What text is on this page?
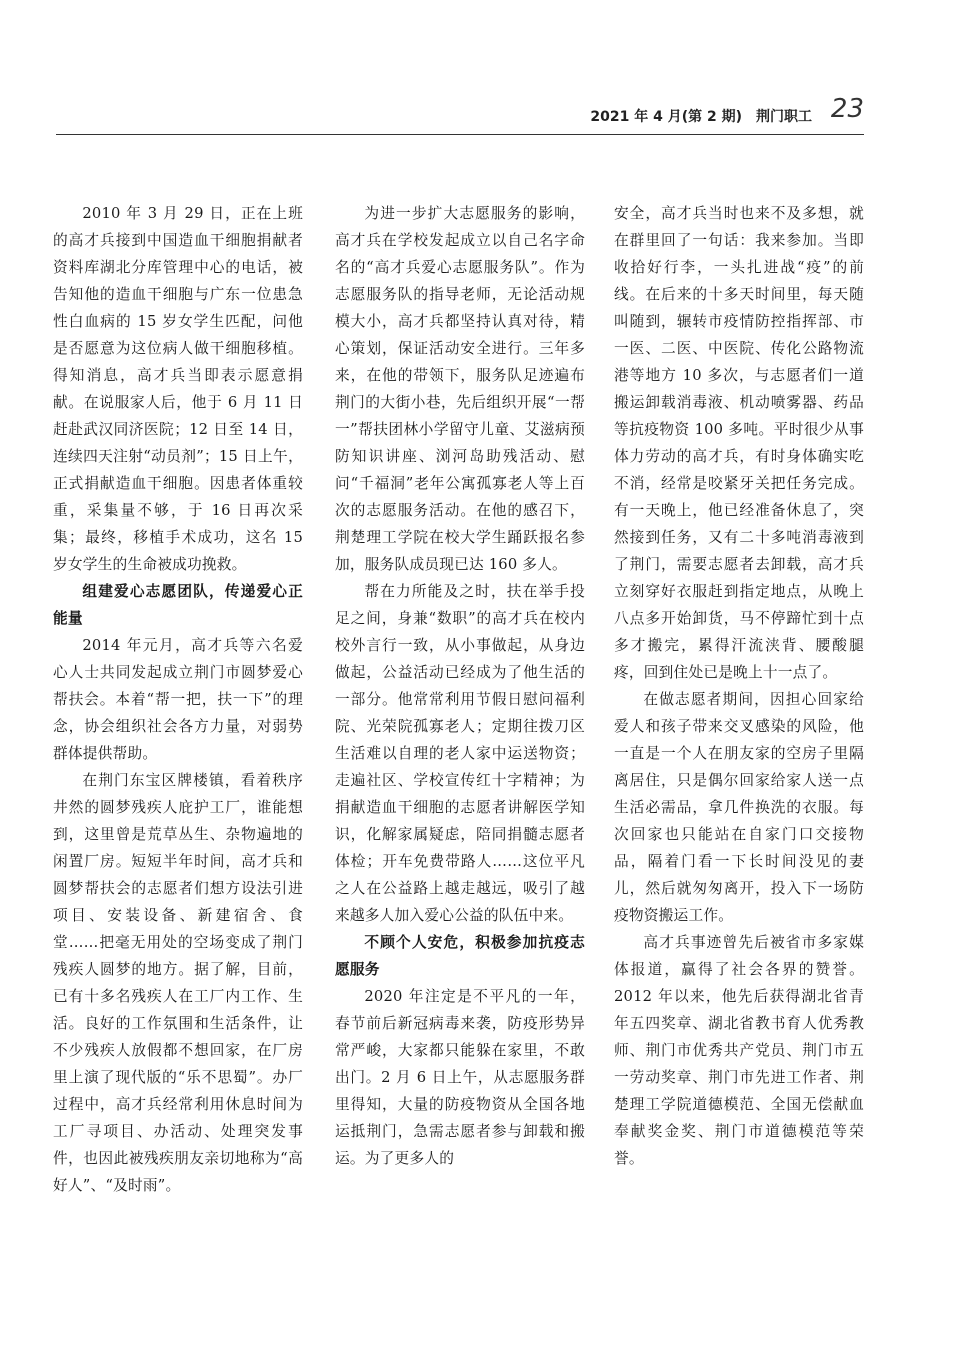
2021 年 4 月(第 2 期)　荆门职工 23

2010 年 3 月 29 日，正在上班的高才兵接到中国造血干细胞捐献者资料库湖北分库管理中心的电话，被告知他的造血干细胞与广东一位患急性白血病的 15 岁女学生匹配，问他是否愿意为这位病人做干细胞移植。得知消息，高才兵当即表示愿意捐献。在说服家人后，他于 6 月 11 日赶赴武汉同济医院；12 日至 14 日，连续四天注射“动员剂”；15 日上午，正式捐献造血干细胞。因患者体重较重，采集量不够，于 16 日再次采集；最终，移植手术成功，这名 15 岁女学生的生命被成功挽救。

组建爱心志愿团队，传递爱心正能量

2014 年元月，高才兵等六名爱心人士共同发起成立荆门市圆梦爱心帮扶会。本着“帮一把，扶一下”的理念，协会组织社会各方力量，对弱势群体提供帮助。

在荆门东宝区牌楼镇，看着秩序井然的圆梦残疾人庇护工厂，谁能想到，这里曾是荒草丛生、杂物遍地的闲置厂房。短短半年时间，高才兵和圆梦帮扶会的志愿者们想方设法引进项目、安装设备、新建宿舍、食堂……把毫无用处的空场变成了荆门残疾人圆梦的地方。据了解，目前，已有十多名残疾人在工厂内工作、生活。良好的工作氛围和生活条件，让不少残疾人放假都不想回家，在厂房里上演了现代版的“乐不思蜀”。办厂过程中，高才兵经常利用休息时间为工厂寻项目、办活动、处理突发事件，也因此被残疾朋友亲切地称为“高好人”、“及时雨”。

为进一步扩大志愿服务的影响，高才兵在学校发起成立以自己名字命名的“高才兵爱心志愿服务队”。作为志愿服务队的指导老师，无论活动规模大小，高才兵都坚持认真对待，精心策划，保证活动安全进行。三年多来，在他的带领下，服务队足迹遍布荆门的大街小巷，先后组织开展“一帮一”帮扶团林小学留守儿童、艾滋病预防知识讲座、浏河岛助残活动、慰问“千福洞”老年公寓孤寡老人等上百次的志愿服务活动。在他的感召下，荆楚理工学院在校大学生踊跃报名参加，服务队成员现已达 160 多人。

帮在力所能及之时，扶在举手投足之间，身兼“数职”的高才兵在校内校外言行一致，从小事做起，从身边做起，公益活动已经成为了他生活的一部分。他常常利用节假日慰问福利院、光荣院孤寡老人；定期往拨刀区生活难以自理的老人家中运送物资；走遍社区、学校宣传红十字精神；为捐献造血干细胞的志愿者讲解医学知识，化解家属疑虑，陪同捐髓志愿者体检；开车免费带路人……这位平凡之人在公益路上越走越远，吸引了越来越多人加入爱心公益的队伍中来。

不顾个人安危，积极参加抗疫志愿服务

2020 年注定是不平凡的一年，春节前后新冠病毒来袭，防疫形势异常严峻，大家都只能躲在家里，不敢出门。2 月 6 日上午，从志愿服务群里得知，大量的防疫物资从全国各地运抵荆门，急需志愿者参与卸载和搬运。为了更多人的

安全，高才兵当时也来不及多想，就在群里回了一句话：我来参加。当即收拾好行李，一头扎进战“疫”的前线。在后来的十多天时间里，每天随叫随到，辗转市疫情防控指挥部、市一医、二医、中医院、传化公路物流港等地方 10 多次，与志愿者们一道搬运卸载消毒液、机动喷雾器、药品等抗疫物资 100 多吨。平时很少从事体力劳动的高才兵，有时身体确实吃不消，经常是咬紧牙关把任务完成。有一天晚上，他已经准备休息了，突然接到任务，又有二十多吨消毒液到了荆门，需要志愿者去卸载，高才兵立刻穿好衣服赶到指定地点，从晚上八点多开始卸货，马不停蹄忙到十点多才搬完，累得汗流浃背、腰酸腿疼，回到住处已是晚上十一点了。

在做志愿者期间，因担心回家给爱人和孩子带来交叉感染的风险，他一直是一个人在朋友家的空房子里隔离居住，只是偶尔回家给家人送一点生活必需品，拿几件换洗的衣服。每次回家也只能站在自家门口交接物品，隔着门看一下长时间没见的妻儿，然后就匆匆离开，投入下一场防疫物资搬运工作。

高才兵事迹曾先后被省市多家媒体报道，赢得了社会各界的赞誉。2012 年以来，他先后获得湖北省青年五四奖章、湖北省教书育人优秀教师、荆门市优秀共产党员、荆门市五一劳动奖章、荆门市先进工作者、荆楚理工学院道德模范、全国无偿献血奉献奖金奖、荆门市道德模范等荣誉。
